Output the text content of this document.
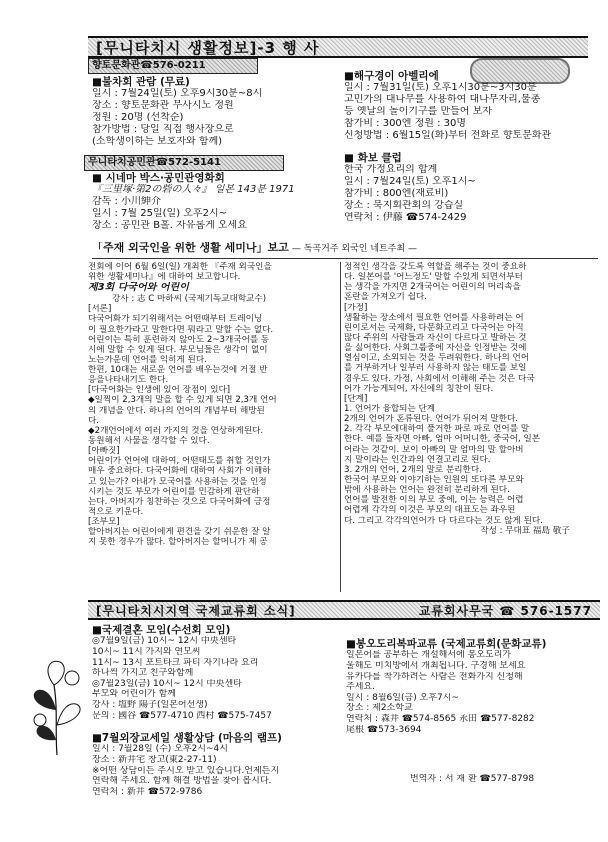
[무니타치시 생활정보]-3 행 사
향토문화관☎576-0211

■불차회 관람 (무료)

일시 : 7월24일(토) 오후9시30분~8시

장소 : 향토문화관 무사시노 정원

정원 : 20명 (선착순)

참가방법 : 당일 직접 행사장으로

(소학생이하는 보호자와 함께)

무니타치공민관☎572-5141

■ 시네마 박스·공민관영화회

『三里塚·第2の砦の人々』 일본 143분 1971

감독 : 小川紳介

일시 : 7월 25일(일) 오후2시~

장소 : 공민관 B홀. 자유롭게 오세요

■해구경이 아벨리에

일시 : 7월31일(토) 오후1시30분~3시30분

고민가의 대나무를 사용하여 대나무자리,물총

등 옛날의 놀이기구를 만들어 보자

참가비 : 300엔 정원 : 30명

신청방법 : 6월15일(화)부터 전화로 향토문화관

■ 화보 클럽

한국 가정요리의 합계

일시 : 7월24일(토) 오후1시~

참가비 : 800엔(재료비)

장소 : 북지회관회의 강습실

연락처 : 伊藤 ☎574-2429

「주재 외국인을 위한 생활 세미나」보고 — 독곡거주 외국인 네트주최 —

전회에 이어 6월 6일(일) 개최한 『주재 외국인을

위한 생활세미나』에 대하여 보고합니다.

제3회 다국어와 어린이

강사 : 志 C 마하씨 (국제기독교대학교수)

[서론]

다국어화가 되기위해서는 어떤때부터 트레이닝

이 필요한가라고 말한다면 뭐라고 말할 수는 없다.

어린이는 특히 훈련하지 않아도 2~3개국어를 동

시에 말할 수 있게 된다. 부모님들은 생각이 없이

노는가운데 언어를 익히게 된다.

한편, 10대는 새로운 언어를 배우는것에 거절 반

응을나타내기도 한다.

[다국어화는 인생에 있어 장점이 있다]

◆일찍이 2,3개의 말을 할 수 있게 되면 2,3개 언어

의 개념을 안다. 하나의 언어의 개념부터 해방된

다.

◆2개언어에서 여러 가지의 것을 연상하게된다.

동원해서 사물을 생각할 수 있다.

[아빠짓]

어린이가 언어에 대하여, 어떤태도를 취할 것인가

매우 중요하다. 다국어화에 대하여 사회가 이해하

고 있는가? 아내가 모국어를 사용하는 것을 인정

시키는 것도 부모가 어린이를 민감하게 판단하

는다. 아버지가 칭찬하는 것으로 다국어화에 긍정

적으로 키운다.

[조부모]

할아버지는 어린이에게 편견을 갖기 쉬운한 잘 알

지 못한 경우가 많다. 할아버지는 할머니가 제 공

정적인 생각을 갖도록 역할을 해주는 것이 중요하

다. 일본어를 '어느정도' 말할 수있게 되면서부터

는 생각을 가지면 2개국어는 어린이의 머리속을

혼란을 가져오기 쉽다.

[가정]

생활하는 장소에서 필요한 언어를 사용하려는 어

린이로서는 국제화, 다문화고리고 다국어는 아직

많다 주위의 사람들과 자신이 다르다고 발하는 것

을 싫어한다. 사회그룹중에 자신을 인정받는 것에

열심이고, 소외되는 것을 두려워한다. 하나의 언어

를 거부하거나 일부러 사용하지 않는 태도를 보일

경우도 있다. 가정, 사회에서 이해해 주는 것은 다국

어가 가능게되어, 자신에의 칭찬이 된다.

[단계]

1. 언어가 융합되는 단계

2개의 언어가 혼류된다. 언어가 뒤어져 말한다.

2. 각각 부모에대하여 풀거한 파로 파로 언어를 말

한다. 예를 들자면 아빠, 엄마 어머니한, 중국어, 일본

어라는 것같이. 보이 아빠의 말 엄마의 말 할아버

지 말이라는 인간과의 연결고리로 된다.

3. 2개의 언어, 2개의 말로 분리한다.

한국어 부모와 이야기하는 인원의 또다른 부모와

밖에 사용하는 언어는 완전히 분리하게 된다.

언어를 발전한 이의 부모 중에, 이는 능력은 어렵

어렵게 각각의 이것은 부모의 대표도는 좌우된

다. 그리고 각각의언어가 다 다르다는 것도 않게 된다.

작성 : 무대표 福島 敬子

[무니타치시지역 국제교류회 소식]	교류회사무국 ☎ 576-1577

■국제결혼 모임(수선회 모임)

◎7월9일(금) 10시~ 12시 中央센타

10시~ 11시 가지와 연모씨

11시~ 13시 포트타크 파티 자기나라 요리

하나씩 가지고 친구와함께

◎7월23일(금) 10시~ 12시 中央센타

부모와 어린이가 함께

강사 : 塩野 陽子(일본어선생)

문의 : 國谷 ☎577-4710 西村 ☎575-7457

■7월외장교세일 생활상담 (마음의 램프)

일시 : 7월28일 (수) 오후2시~4시

장소 : 新井宅 창고(東2-27-11)

※어떤 상담이든 주시오 받고 있습니다.언제든지

연락해 주세요. 함께 해결 방법을 찾아 봅시다.

연락처 : 新井 ☎572-9786

■봉오도리복파교류 (국제교류회(문화교류)

일본어를 공부하는 개설해서에 봉오도리가

울해도 미치방에서 개최됩니다. 구경해 보세요

유카다를 착가하려는 사람은 전화가지 신청해

주세요.

일시 : 8월6일(금) 오후7시~

장소 : 제2소학교

연락처 : 森井 ☎574-8565 永田 ☎577-8282

尾根 ☎573-3694

번역자 : 서 재 환 ☎577-8798
